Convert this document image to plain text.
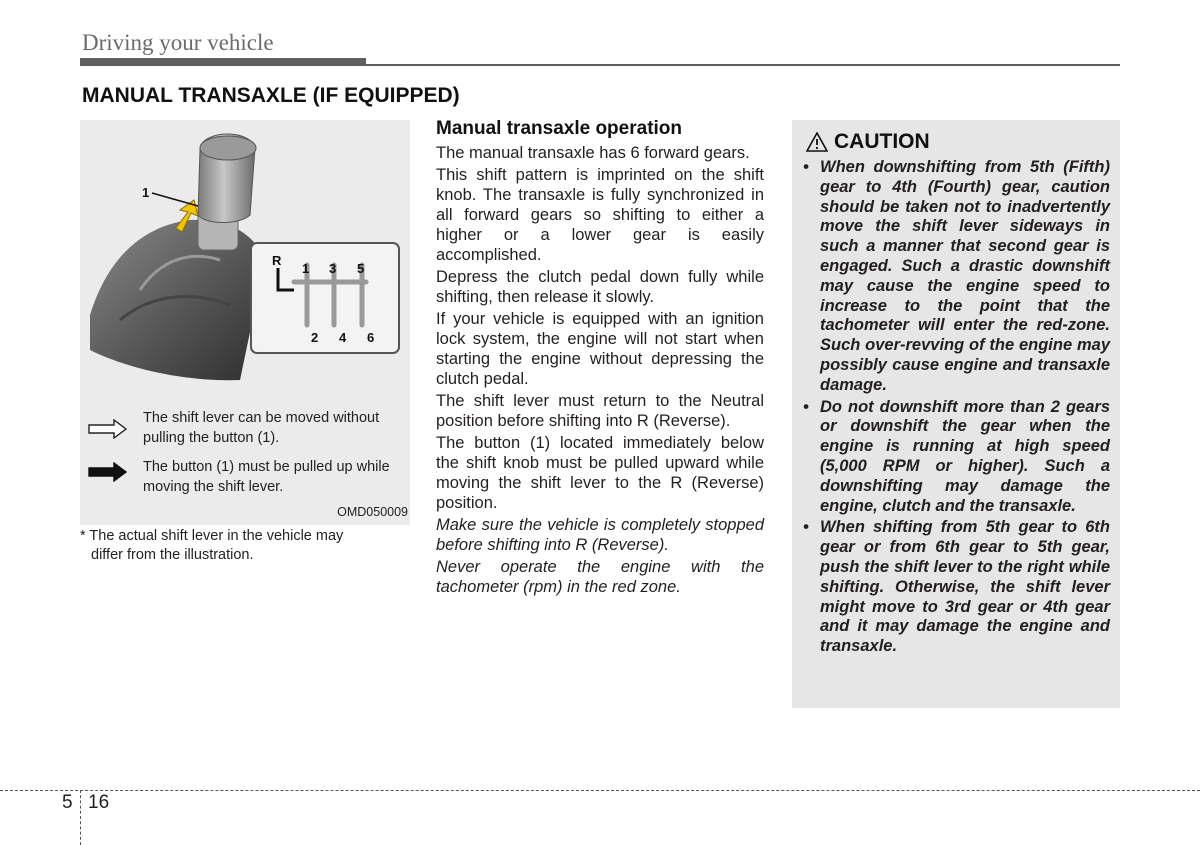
Driving your vehicle
MANUAL TRANSAXLE (IF EQUIPPED)
1
R
1 3 5
2 4 6
The shift lever can be moved without pulling the button (1).
The button (1) must be pulled up while moving the shift lever.
OMD050009
* The actual shift lever in the vehicle may
differ from the illustration.
Manual transaxle operation

The manual transaxle has 6 forward gears.

This shift pattern is imprinted on the shift knob. The transaxle is fully synchronized in all forward gears so shifting to either a higher or a lower gear is easily accomplished.

Depress the clutch pedal down fully while shifting, then release it slowly.

If your vehicle is equipped with an ignition lock system, the engine will not start when starting the engine without depressing the clutch pedal.

The shift lever must return to the Neutral position before shifting into R (Reverse).

The button (1) located immediately below the shift knob must be pulled upward while moving the shift lever to the R (Reverse) position.

Make sure the vehicle is completely stopped before shifting into R (Reverse).

Never operate the engine with the tachometer (rpm) in the red zone.

CAUTION
• When downshifting from 5th (Fifth) gear to 4th (Fourth) gear, caution should be taken not to inadvertently move the shift lever sideways in such a manner that second gear is engaged. Such a drastic downshift may cause the engine speed to increase to the point that the tachometer will enter the red-zone. Such over-revving of the engine may possibly cause engine and transaxle damage.
• Do not downshift more than 2 gears or downshift the gear when the engine is running at high speed (5,000 RPM or higher). Such a downshifting may damage the engine, clutch and the transaxle.
• When shifting from 5th gear to 6th gear or from 6th gear to 5th gear, push the shift lever to the right while shifting. Otherwise, the shift lever might move to 3rd gear or 4th gear and it may damage the engine and transaxle.
5 16
